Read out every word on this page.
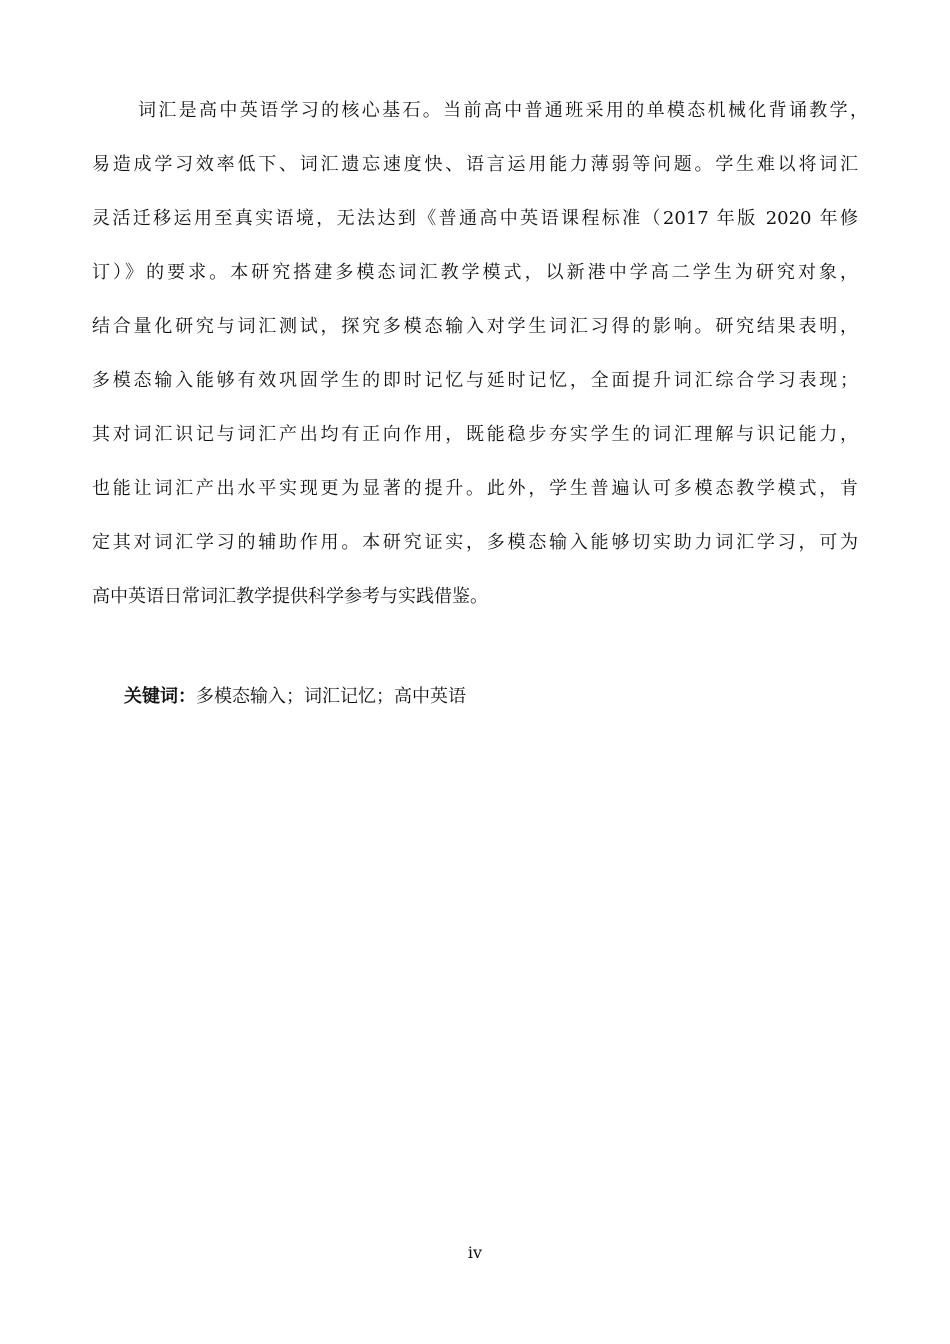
词汇是高中英语学习的核心基石。当前高中普通班采用的单模态机械化背诵教学，
易造成学习效率低下、词汇遗忘速度快、语言运用能力薄弱等问题。学生难以将词汇
灵活迁移运用至真实语境，无法达到《普通高中英语课程标准（2017 年版 2020 年修
订）》的要求。本研究搭建多模态词汇教学模式，以新港中学高二学生为研究对象，
结合量化研究与词汇测试，探究多模态输入对学生词汇习得的影响。研究结果表明，
多模态输入能够有效巩固学生的即时记忆与延时记忆，全面提升词汇综合学习表现；
其对词汇识记与词汇产出均有正向作用，既能稳步夯实学生的词汇理解与识记能力，
也能让词汇产出水平实现更为显著的提升。此外，学生普遍认可多模态教学模式，肯
定其对词汇学习的辅助作用。本研究证实，多模态输入能够切实助力词汇学习，可为
高中英语日常词汇教学提供科学参考与实践借鉴。
关键词：多模态输入；词汇记忆；高中英语
iv
